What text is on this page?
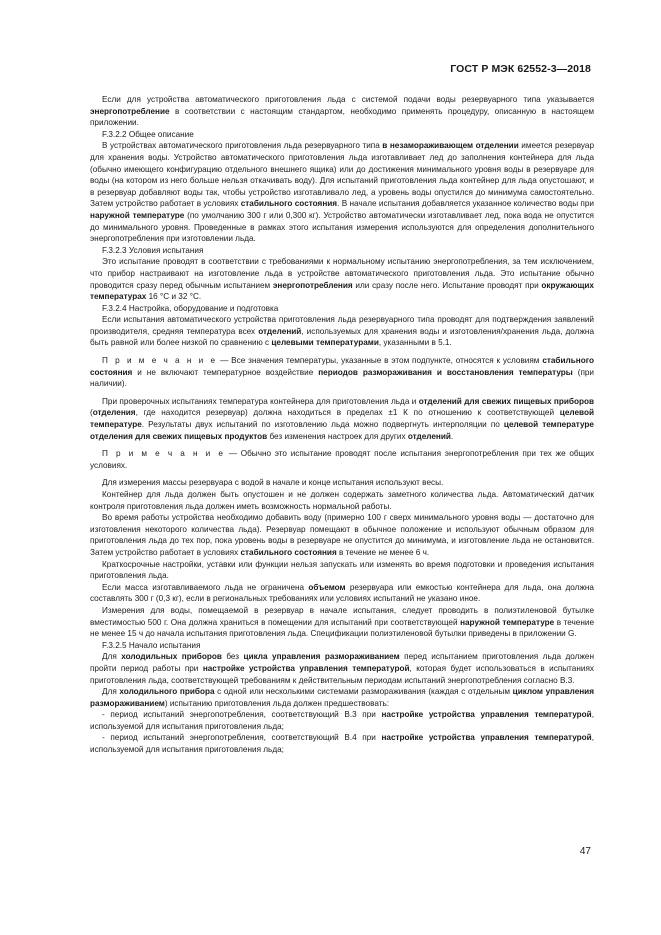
ГОСТ Р МЭК 62552-3—2018

Если для устройства автоматического приготовления льда с системой подачи воды резервуарного типа указывается энергопотребление в соответствии с настоящим стандартом, необходимо применять процедуру, описанную в настоящем приложении.

F.3.2.2 Общее описание

В устройствах автоматического приготовления льда резервуарного типа в незамораживающем отделении имеется резервуар для хранения воды. Устройство автоматического приготовления льда изготавливает лед до заполнения контейнера для льда (обычно имеющего конфигурацию отдельного внешнего ящика) или до достижения минимального уровня воды в резервуаре для воды (на котором из него больше нельзя откачивать воду). Для испытаний приготовления льда контейнер для льда опустошают, и в резервуар добавляют воды так, чтобы устройство изготавливало лед, а уровень воды опустился до минимума самостоятельно. Затем устройство работает в условиях стабильного состояния. В начале испытания добавляется указанное количество воды при наружной температуре (по умолчанию 300 г или 0,300 кг). Устройство автоматически изготавливает лед, пока вода не опустится до минимального уровня. Проведенные в рамках этого испытания измерения используются для определения дополнительного энергопотребления при изготовлении льда.

F.3.2.3 Условия испытания

Это испытание проводят в соответствии с требованиями к нормальному испытанию энергопотребления, за тем исключением, что прибор настраивают на изготовление льда в устройстве автоматического приготовления льда. Это испытание обычно проводится сразу перед обычным испытанием энергопотребления или сразу после него. Испытание проводят при окружающих температурах 16 °С и 32 °С.

F.3.2.4 Настройка, оборудование и подготовка

Если испытания автоматического устройства приготовления льда резервуарного типа проводят для подтверждения заявлений производителя, средняя температура всех отделений, используемых для хранения воды и изготовления/хранения льда, должна быть равной или более низкой по сравнению с целевыми температурами, указанными в 5.1.

П р и м е ч а н и е — Все значения температуры, указанные в этом подпункте, относятся к условиям стабильного состояния и не включают температурное воздействие периодов размораживания и восстановления температуры (при наличии).

При проверочных испытаниях температура контейнера для приготовления льда и отделений для свежих пищевых приборов (отделения, где находится резервуар) должна находиться в пределах ±1 К по отношению к соответствующей целевой температуре. Результаты двух испытаний по изготовлению льда можно подвергнуть интерполяции по целевой температуре отделения для свежих пищевых продуктов без изменения настроек для других отделений.

П р и м е ч а н и е — Обычно это испытание проводят после испытания энергопотребления при тех же общих условиях.

Для измерения массы резервуара с водой в начале и конце испытания используют весы.

Контейнер для льда должен быть опустошен и не должен содержать заметного количества льда. Автоматический датчик контроля приготовления льда должен иметь возможность нормальной работы.

Во время работы устройства необходимо добавить воду (примерно 100 г сверх минимального уровня воды — достаточно для изготовления некоторого количества льда). Резервуар помещают в обычное положение и используют обычным образом для приготовления льда до тех пор, пока уровень воды в резервуаре не опустится до минимума, и изготовление льда не остановится. Затем устройство работает в условиях стабильного состояния в течение не менее 6 ч.

Краткосрочные настройки, уставки или функции нельзя запускать или изменять во время подготовки и проведения испытания приготовления льда.

Если масса изготавливаемого льда не ограничена объемом резервуара или емкостью контейнера для льда, она должна составлять 300 г (0,3 кг), если в региональных требованиях или условиях испытаний не указано иное.

Измерения для воды, помещаемой в резервуар в начале испытания, следует проводить в полиэтиленовой бутылке вместимостью 500 г. Она должна храниться в помещении для испытаний при соответствующей наружной температуре в течение не менее 15 ч до начала испытания приготовления льда. Спецификации полиэтиленовой бутылки приведены в приложении G.

F.3.2.5 Начало испытания

Для холодильных приборов без цикла управления размораживанием перед испытанием приготовления льда должен пройти период работы при настройке устройства управления температурой, которая будет использоваться в испытаниях приготовления льда, соответствующей требованиям к действительным периодам испытаний энергопотребления согласно В.3.

Для холодильного прибора с одной или несколькими системами размораживания (каждая с отдельным циклом управления размораживанием) испытанию приготовления льда должен предшествовать:

- период испытаний энергопотребления, соответствующий В.3 при настройке устройства управления температурой, используемой для испытания приготовления льда;

- период испытаний энергопотребления, соответствующий В.4 при настройке устройства управления температурой, используемой для испытания приготовления льда;

47
